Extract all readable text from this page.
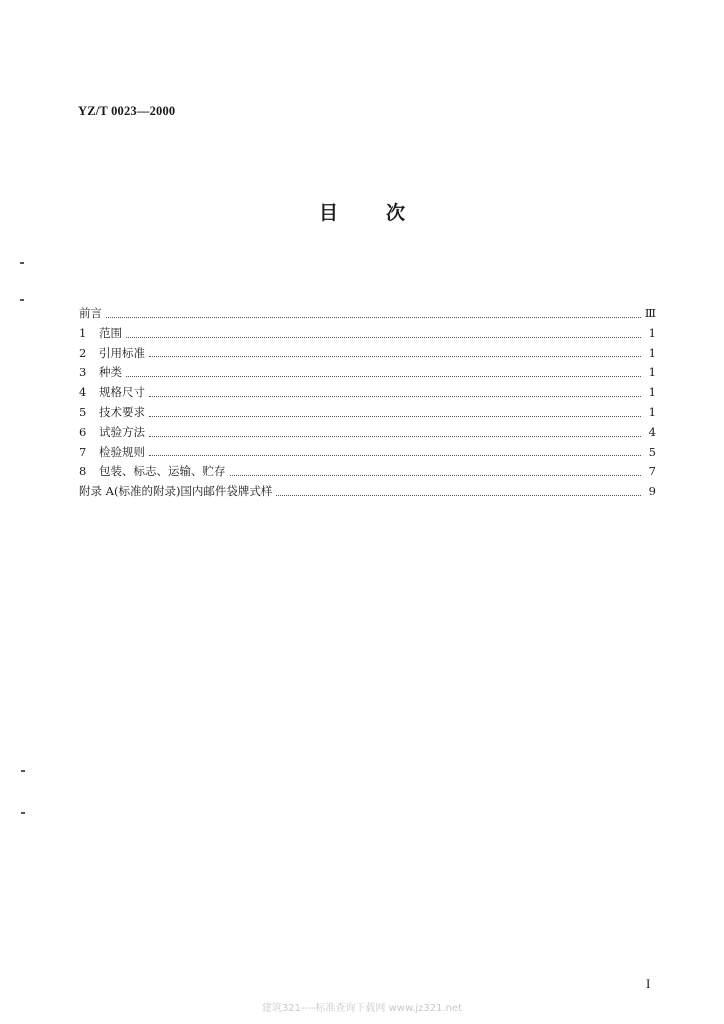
YZ/T 0023—2000
目	次
前言	Ⅲ
1	范围	1
2	引用标准	1
3	种类	1
4	规格尺寸	1
5	技术要求	1
6	试验方法	4
7	检验规则	5
8	包装、标志、运输、贮存	7
附录 A(标准的附录)国内邮件袋牌式样	9
I
建筑321----标准查询下载网 www.jz321.net
